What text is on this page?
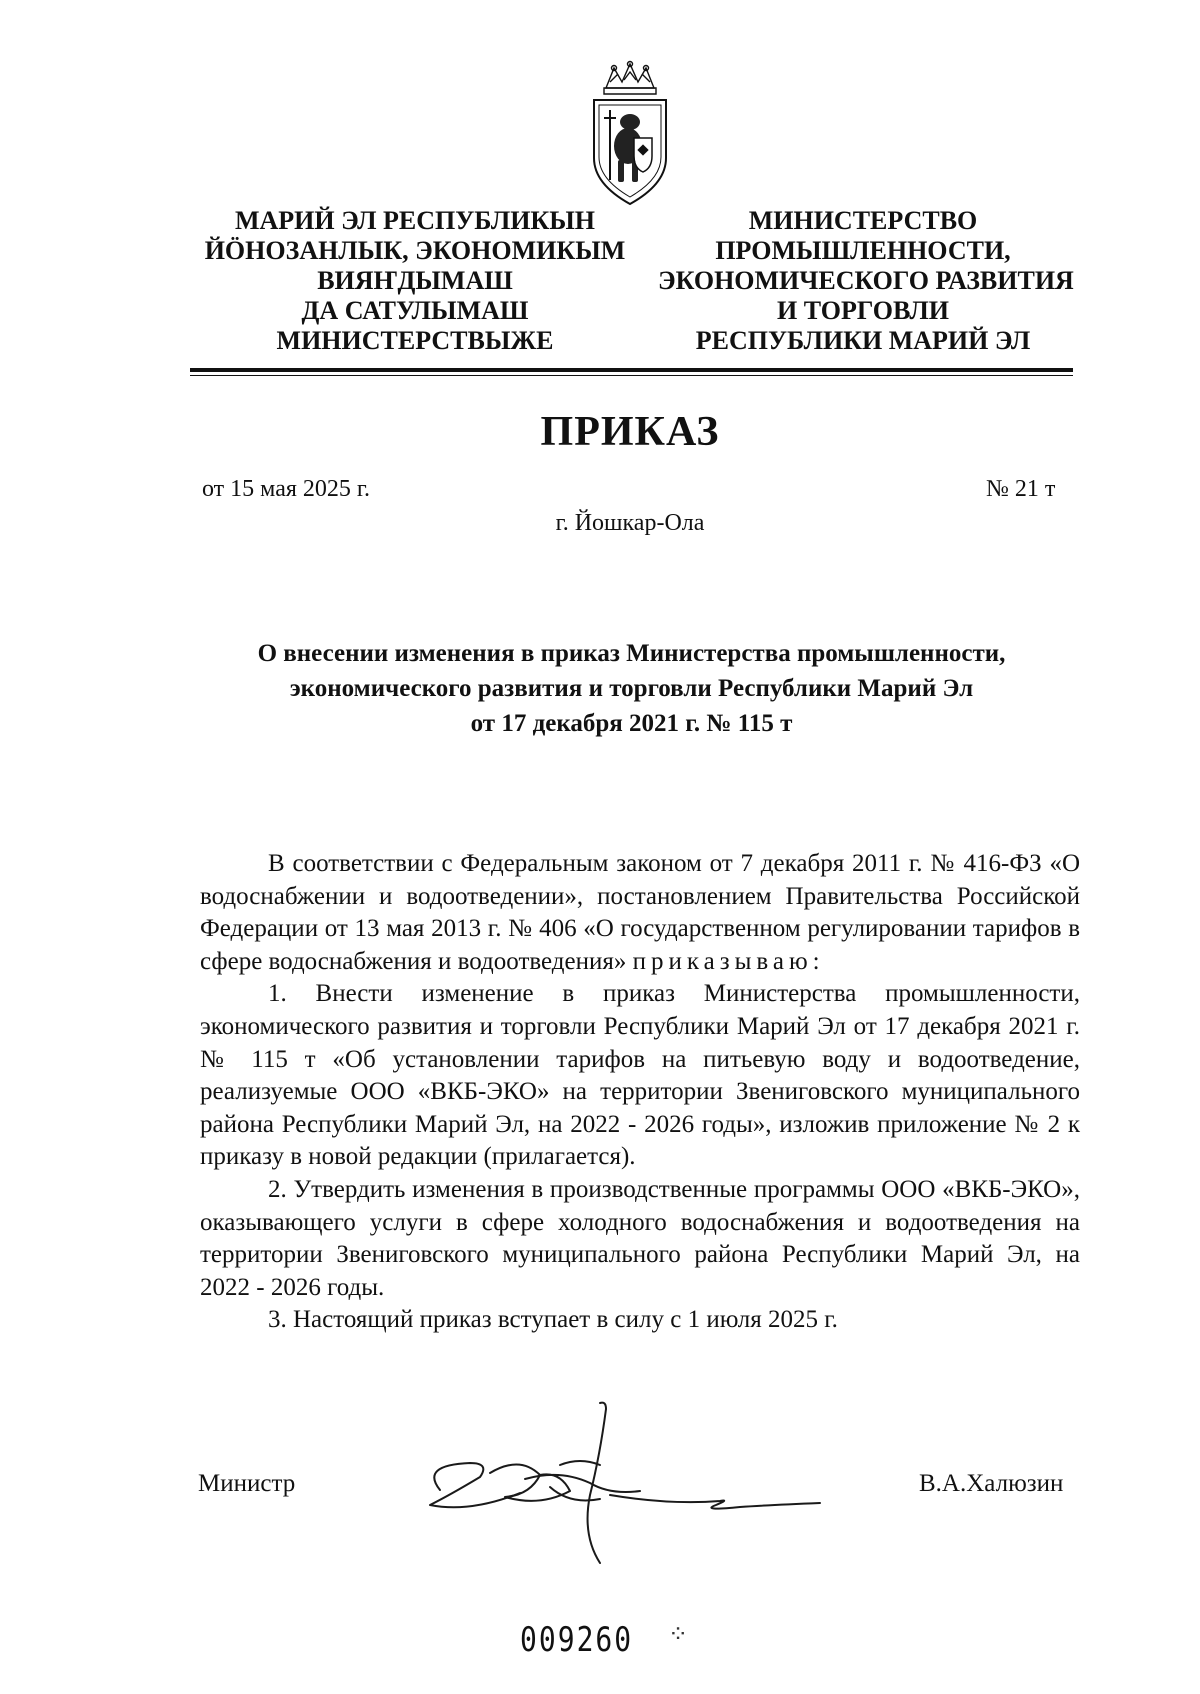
МАРИЙ ЭЛ РЕСПУБЛИКЫН
ЙӦНОЗАНЛЫК, ЭКОНОМИКЫМ
ВИЯҤДЫМАШ
ДА САТУЛЫМАШ
МИНИСТЕРСТВЫЖЕ
МИНИСТЕРСТВО
ПРОМЫШЛЕННОСТИ,
ЭКОНОМИЧЕСКОГО РАЗВИТИЯ
И ТОРГОВЛИ
РЕСПУБЛИКИ МАРИЙ ЭЛ
ПРИКАЗ
от 15 мая 2025 г.	№ 21 т
г. Йошкар-Ола
О внесении изменения в приказ Министерства промышленности,
экономического развития и торговли Республики Марий Эл
от 17 декабря 2021 г. № 115 т

В соответствии с Федеральным законом от 7 декабря 2011 г. № 416-ФЗ «О водоснабжении и водоотведении», постановлением Правительства Российской Федерации от 13 мая 2013 г. № 406 «О государственном регулировании тарифов в сфере водоснабжения и водоотведения» приказываю:

1. Внести изменение в приказ Министерства промышленности, экономического развития и торговли Республики Марий Эл от 17 декабря 2021 г. № 115 т «Об установлении тарифов на питьевую воду и водоотведение, реализуемые ООО «ВКБ-ЭКО» на территории Звениговского муниципального района Республики Марий Эл, на 2022 - 2026 годы», изложив приложение № 2 к приказу в новой редакции (прилагается).

2. Утвердить изменения в производственные программы ООО «ВКБ-ЭКО», оказывающего услуги в сфере холодного водоснабжения и водоотведения на территории Звениговского муниципального района Республики Марий Эл, на 2022 - 2026 годы.

3. Настоящий приказ вступает в силу с 1 июля 2025 г.

Министр	В.А.Халюзин
009260 ⁘
